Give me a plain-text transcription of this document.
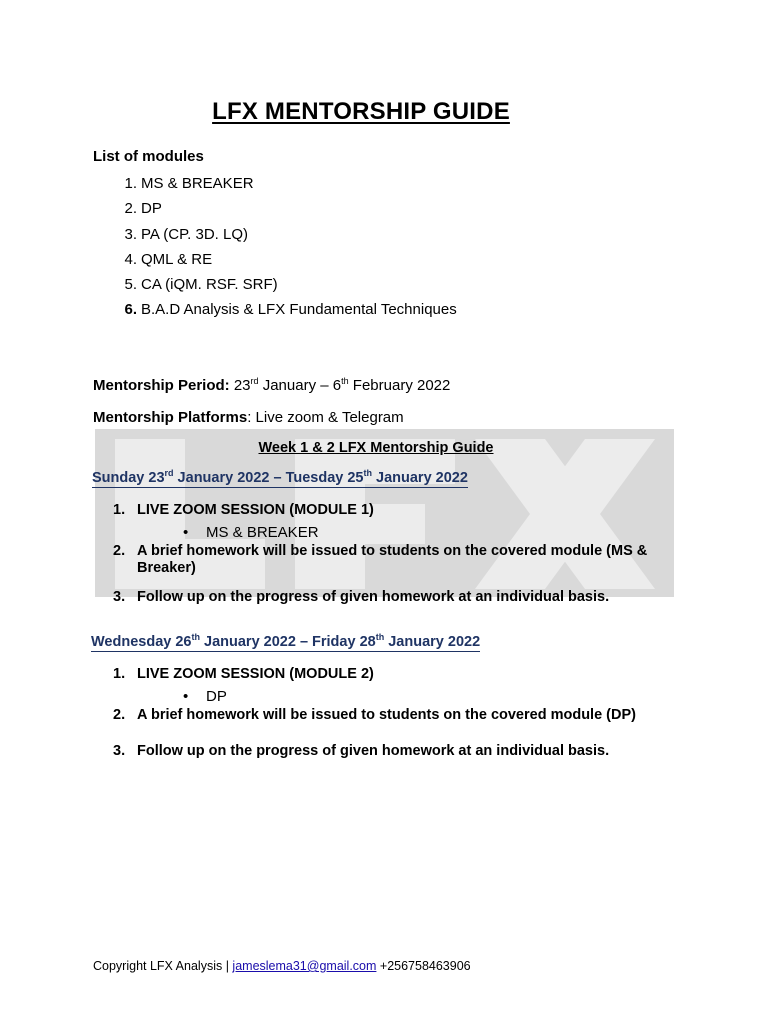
LFX MENTORSHIP GUIDE
List of modules
1. MS & BREAKER
2. DP
3. PA (CP. 3D. LQ)
4. QML & RE
5. CA (iQM. RSF. SRF)
6. B.A.D Analysis & LFX Fundamental Techniques
Mentorship Period: 23rd January – 6th February 2022
Mentorship Platforms: Live zoom & Telegram
Week 1 & 2 LFX Mentorship Guide
Sunday 23rd January 2022 – Tuesday 25th January 2022
1. LIVE ZOOM SESSION (MODULE 1)
•	MS & BREAKER
2. A brief homework will be issued to students on the covered module (MS & Breaker)
3. Follow up on the progress of given homework at an individual basis.
Wednesday 26th January 2022 – Friday 28th January 2022
1. LIVE ZOOM SESSION (MODULE 2)
•	DP
2. A brief homework will be issued to students on the covered module (DP)
3. Follow up on the progress of given homework at an individual basis.
Copyright LFX Analysis | jameslema31@gmail.com +256758463906
